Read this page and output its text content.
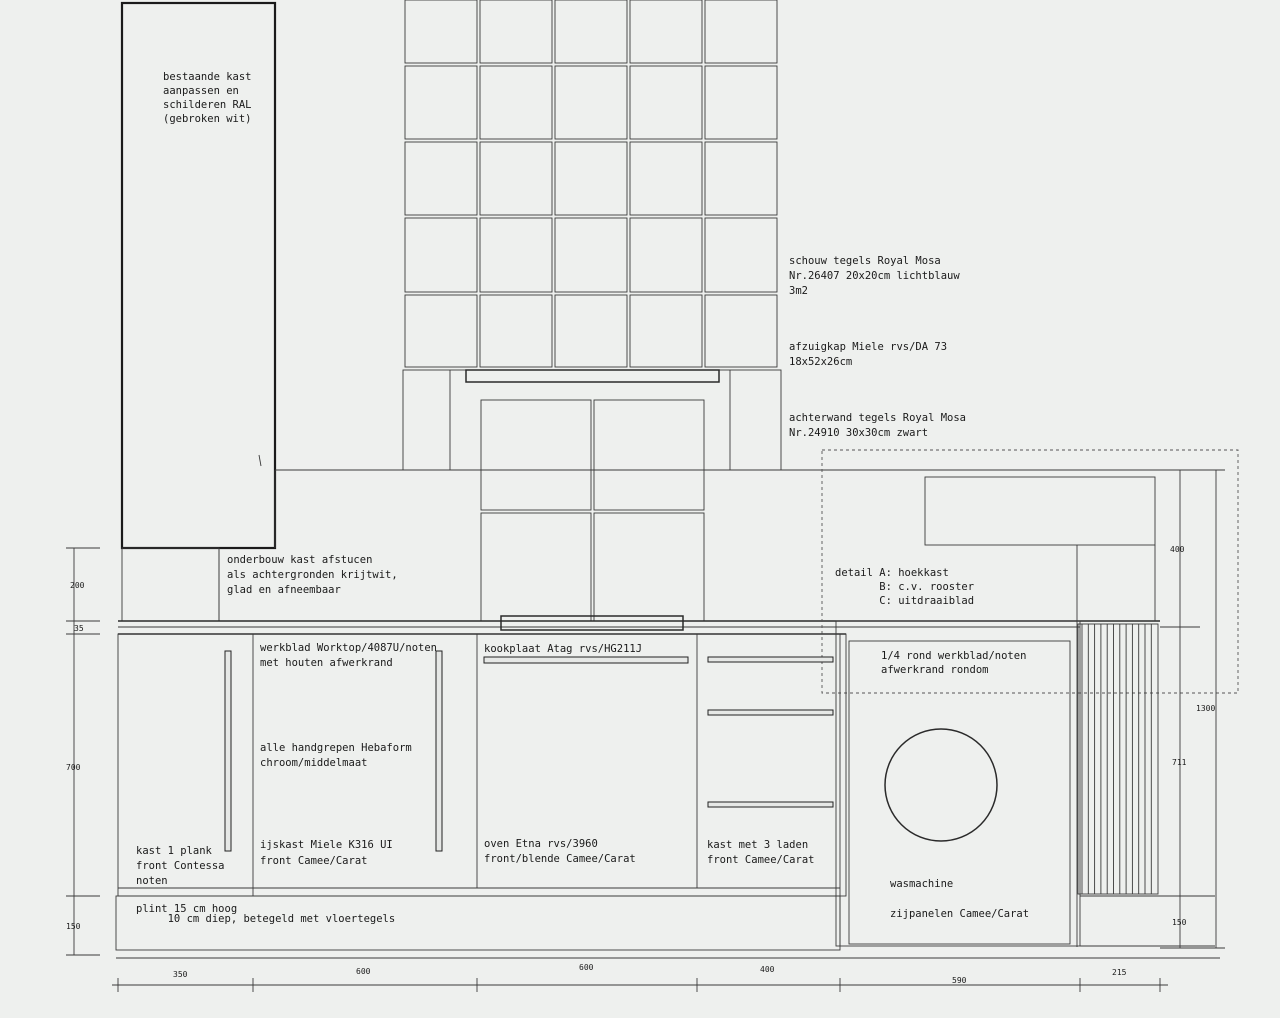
bestaande kast aanpassen en schilderen RAL (gebroken wit)
schouw tegels Royal Mosa Nr.26407 20x20cm lichtblauw 3m2
afzuigkap Miele rvs/DA 73 18x52x26cm
achterwand tegels Royal Mosa Nr.24910 30x30cm zwart
onderbouw kast afstucen als achtergronden krijtwit, glad en afneembaar
detail A: hoekkast            B: c.v. rooster            C: uitdraaiblad
werkblad Worktop/4087U/noten met houten afwerkrand
alle handgrepen Hebaform chroom/middelmaat
kookplaat Atag rvs/HG211J
1/4 rond werkblad/noten afwerkrand rondom
kast 1 plank front Contessa noten
ijskast Miele K316 UI front Camee/Carat
oven Etna rvs/3960 front/blende Camee/Carat
kast met 3 laden front Camee/Carat
wasmachine
zijpanelen Camee/Carat
plint 15 cm hoog          10 cm diep, betegeld met vloertegels
200
35
700
150
400
1300
711
150
350	600	600	400
590
215
